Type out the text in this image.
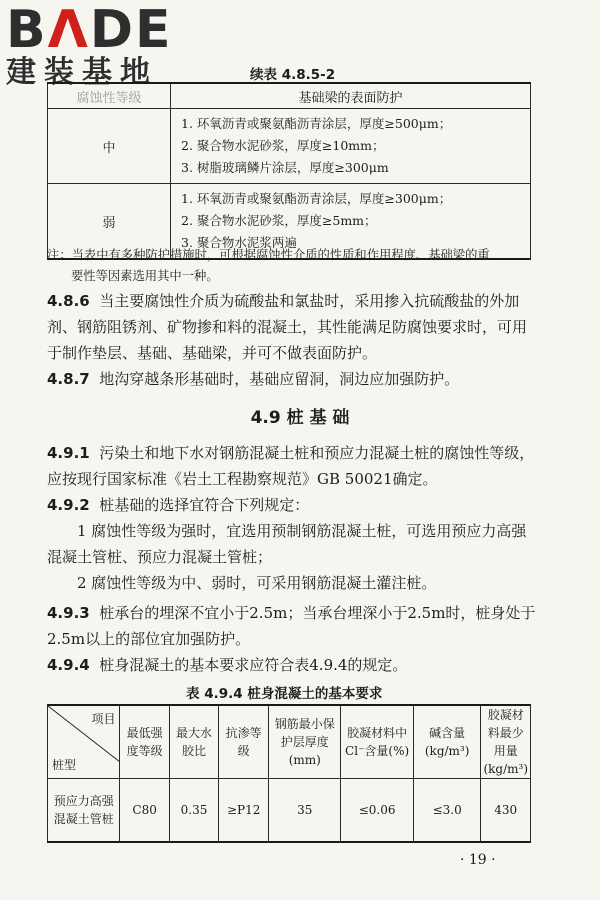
BΛDE
建装基地	续表 4.8.5-2
腐蚀性等级	基础梁的表面防护
中	1. 环氧沥青或聚氨酯沥青涂层，厚度≥500μm；
2. 聚合物水泥砂浆，厚度≥10mm；
3. 树脂玻璃鳞片涂层，厚度≥300μm

弱	1. 环氧沥青或聚氨酯沥青涂层，厚度≥300μm；
2. 聚合物水泥砂浆，厚度≥5mm；
3. 聚合物水泥浆两遍
注：当表中有多种防护措施时，可根据腐蚀性介质的性质和作用程度、基础梁的重
要性等因素选用其中一种。
4.8.6 当主要腐蚀性介质为硫酸盐和氯盐时，采用掺入抗硫酸盐的外加剂、钢筋阻锈剂、矿物掺和料的混凝土，其性能满足防腐蚀要求时，可用于制作垫层、基础、基础梁，并可不做表面防护。
4.8.7 地沟穿越条形基础时，基础应留洞，洞边应加强防护。
4.9 桩 基 础
4.9.1 污染土和地下水对钢筋混凝土桩和预应力混凝土桩的腐蚀性等级，应按现行国家标准《岩土工程勘察规范》GB 50021确定。
4.9.2 桩基础的选择宜符合下列规定：
1 腐蚀性等级为强时，宜选用预制钢筋混凝土桩，可选用预应力高强混凝土管桩、预应力混凝土管桩；
2 腐蚀性等级为中、弱时，可采用钢筋混凝土灌注桩。
4.9.3 桩承台的埋深不宜小于2.5m；当承台埋深小于2.5m时，桩身处于2.5m以上的部位宜加强防护。
4.9.4 桩身混凝土的基本要求应符合表4.9.4的规定。
表 4.9.4 桩身混凝土的基本要求
项目
桩型	最低强度等级	最大水胶比	抗渗等级	钢筋最小保护层厚度(mm)	胶凝材料中Cl⁻含量(%)	碱含量(kg/m³)	胶凝材料最少用量(kg/m³)
预应力高强混凝土管桩	C80	0.35	≥P12	35	≤0.06	≤3.0	430
· 19 ·
